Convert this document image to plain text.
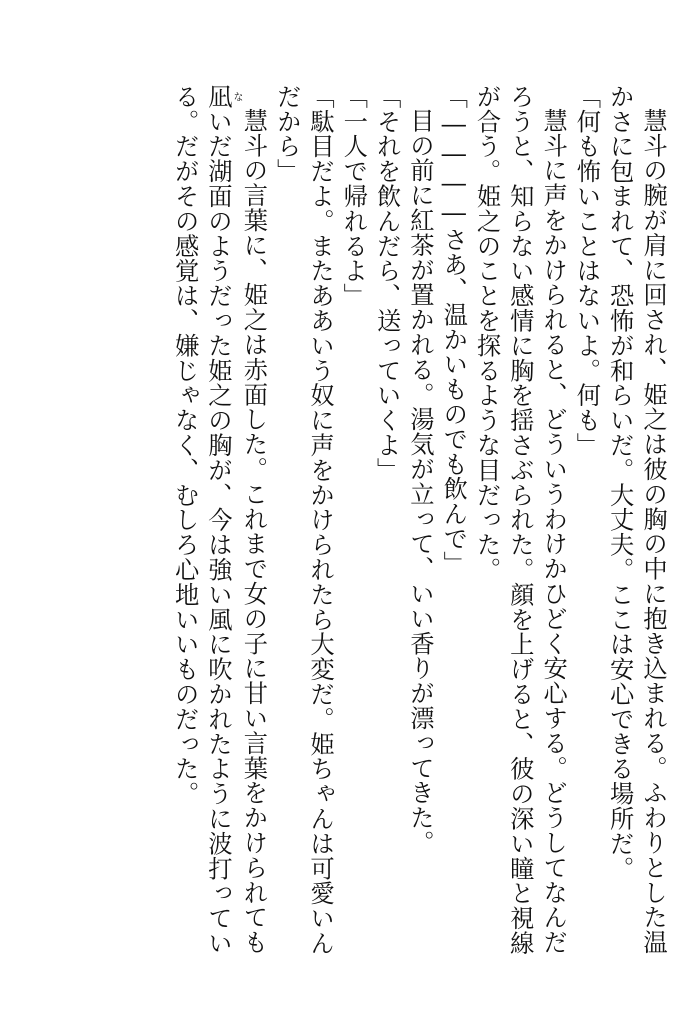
慧斗の腕が肩に回され、姫之は彼の胸の中に抱き込まれる。ふわりとした温かさに包まれて、恐怖が和らいだ。大丈夫。ここは安心できる場所だ。

「何も怖いことはないよ。何も」

慧斗に声をかけられると、どういうわけかひどく安心する。どうしてなんだろうと、知らない感情に胸を揺さぶられた。顔を上げると、彼の深い瞳と視線が合う。姫之のことを探るような目だった。

「――――さあ、温かいものでも飲んで」

目の前に紅茶が置かれる。湯気が立って、いい香りが漂ってきた。

「それを飲んだら、送っていくよ」

「一人で帰れるよ」

「駄目だよ。またああいう奴に声をかけられたら大変だ。姫ちゃんは可愛いんだから」

慧斗の言葉に、姫之は赤面した。これまで女の子に甘い言葉をかけられても凪ないだ湖面のようだった姫之の胸が、今は強い風に吹かれたように波打っている。だがその感覚は、嫌じゃなく、むしろ心地いいものだった。
